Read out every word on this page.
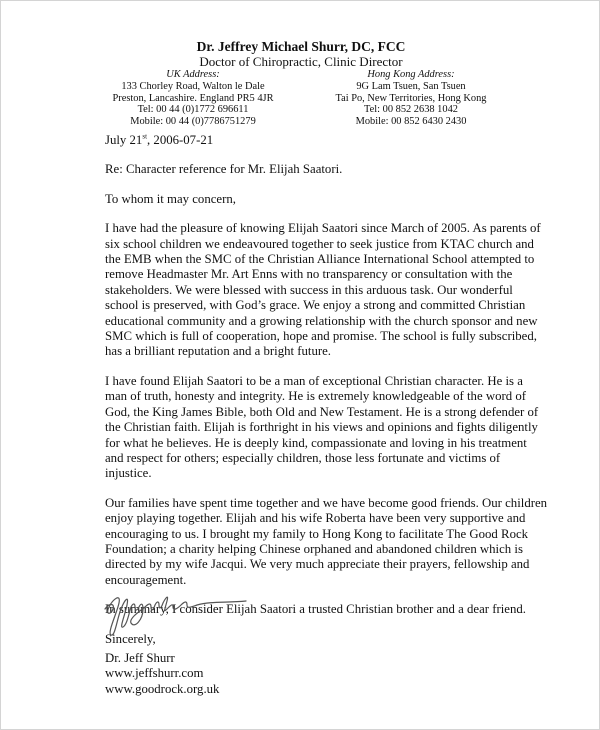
Dr. Jeffrey Michael Shurr, DC, FCC
Doctor of Chiropractic, Clinic Director
UK Address:
133 Chorley Road, Walton le Dale
Preston, Lancashire. England PR5 4JR
Tel: 00 44 (0)1772 696611
Mobile: 00 44 (0)7786751279
Hong Kong Address:
9G Lam Tsuen, San Tsuen
Tai Po, New Territories, Hong Kong
Tel: 00 852 2638 1042
Mobile: 00 852 6430 2430

July 21st, 2006-07-21

Re: Character reference for Mr. Elijah Saatori.

To whom it may concern,

I have had the pleasure of knowing Elijah Saatori since March of 2005. As parents of
six school children we endeavoured together to seek justice from KTAC church and
the EMB when the SMC of the Christian Alliance International School attempted to
remove Headmaster Mr. Art Enns with no transparency or consultation with the
stakeholders. We were blessed with success in this arduous task. Our wonderful
school is preserved, with God’s grace. We enjoy a strong and committed Christian
educational community and a growing relationship with the church sponsor and new
SMC which is full of cooperation, hope and promise. The school is fully subscribed,
has a brilliant reputation and a bright future.

I have found Elijah Saatori to be a man of exceptional Christian character. He is a
man of truth, honesty and integrity. He is extremely knowledgeable of the word of
God, the King James Bible, both Old and New Testament. He is a strong defender of
the Christian faith. Elijah is forthright in his views and opinions and fights diligently
for what he believes. He is deeply kind, compassionate and loving in his treatment
and respect for others; especially children, those less fortunate and victims of
injustice.

Our families have spent time together and we have become good friends. Our children
enjoy playing together. Elijah and his wife Roberta have been very supportive and
encouraging to us. I brought my family to Hong Kong to facilitate The Good Rock
Foundation; a charity helping Chinese orphaned and abandoned children which is
directed by my wife Jacqui. We very much appreciate their prayers, fellowship and
encouragement.

In summary, I consider Elijah Saatori a trusted Christian brother and a dear friend.

Sincerely,

Dr. Jeff Shurr
www.jeffshurr.com
www.goodrock.org.uk
